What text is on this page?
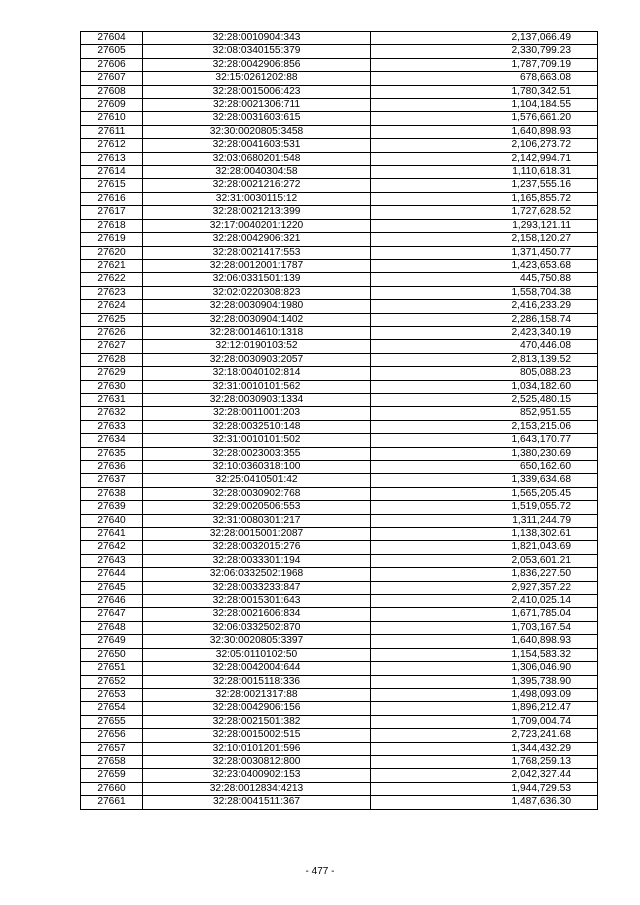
27604	32:28:0010904:343	2,137,066.49
27605	32:08:0340155:379	2,330,799.23
27606	32:28:0042906:856	1,787,709.19
27607	32:15:0261202:88	678,663.08
27608	32:28:0015006:423	1,780,342.51
27609	32:28:0021306:711	1,104,184.55
27610	32:28:0031603:615	1,576,661.20
27611	32:30:0020805:3458	1,640,898.93
27612	32:28:0041603:531	2,106,273.72
27613	32:03:0680201:548	2,142,994.71
27614	32:28:0040304:58	1,110,618.31
27615	32:28:0021216:272	1,237,555.16
27616	32:31:0030115:12	1,165,855.72
27617	32:28:0021213:399	1,727,628.52
27618	32:17:0040201:1220	1,293,121.11
27619	32:28:0042906:321	2,158,120.27
27620	32:28:0021417:553	1,371,450.77
27621	32:28:0012001:1787	1,423,653.68
27622	32:06:0331501:139	445,750.88
27623	32:02:0220308:823	1,558,704.38
27624	32:28:0030904:1980	2,416,233.29
27625	32:28:0030904:1402	2,286,158.74
27626	32:28:0014610:1318	2,423,340.19
27627	32:12:0190103:52	470,446.08
27628	32:28:0030903:2057	2,813,139.52
27629	32:18:0040102:814	805,088.23
27630	32:31:0010101:562	1,034,182.60
27631	32:28:0030903:1334	2,525,480.15
27632	32:28:0011001:203	852,951.55
27633	32:28:0032510:148	2,153,215.06
27634	32:31:0010101:502	1,643,170.77
27635	32:28:0023003:355	1,380,230.69
27636	32:10:0360318:100	650,162.60
27637	32:25:0410501:42	1,339,634.68
27638	32:28:0030902:768	1,565,205.45
27639	32:29:0020506:553	1,519,055.72
27640	32:31:0080301:217	1,311,244.79
27641	32:28:0015001:2087	1,138,302.61
27642	32:28:0032015:276	1,821,043.69
27643	32:28:0033301:194	2,053,601.21
27644	32:06:0332502:1968	1,836,227.50
27645	32:28:0033233:847	2,927,357.22
27646	32:28:0015301:643	2,410,025.14
27647	32:28:0021606:834	1,671,785.04
27648	32:06:0332502:870	1,703,167.54
27649	32:30:0020805:3397	1,640,898.93
27650	32:05:0110102:50	1,154,583.32
27651	32:28:0042004:644	1,306,046.90
27652	32:28:0015118:336	1,395,738.90
27653	32:28:0021317:88	1,498,093.09
27654	32:28:0042906:156	1,896,212.47
27655	32:28:0021501:382	1,709,004.74
27656	32:28:0015002:515	2,723,241.68
27657	32:10:0101201:596	1,344,432.29
27658	32:28:0030812:800	1,768,259.13
27659	32:23:0400902:153	2,042,327.44
27660	32:28:0012834:4213	1,944,729.53
27661	32:28:0041511:367	1,487,636.30
- 477 -
